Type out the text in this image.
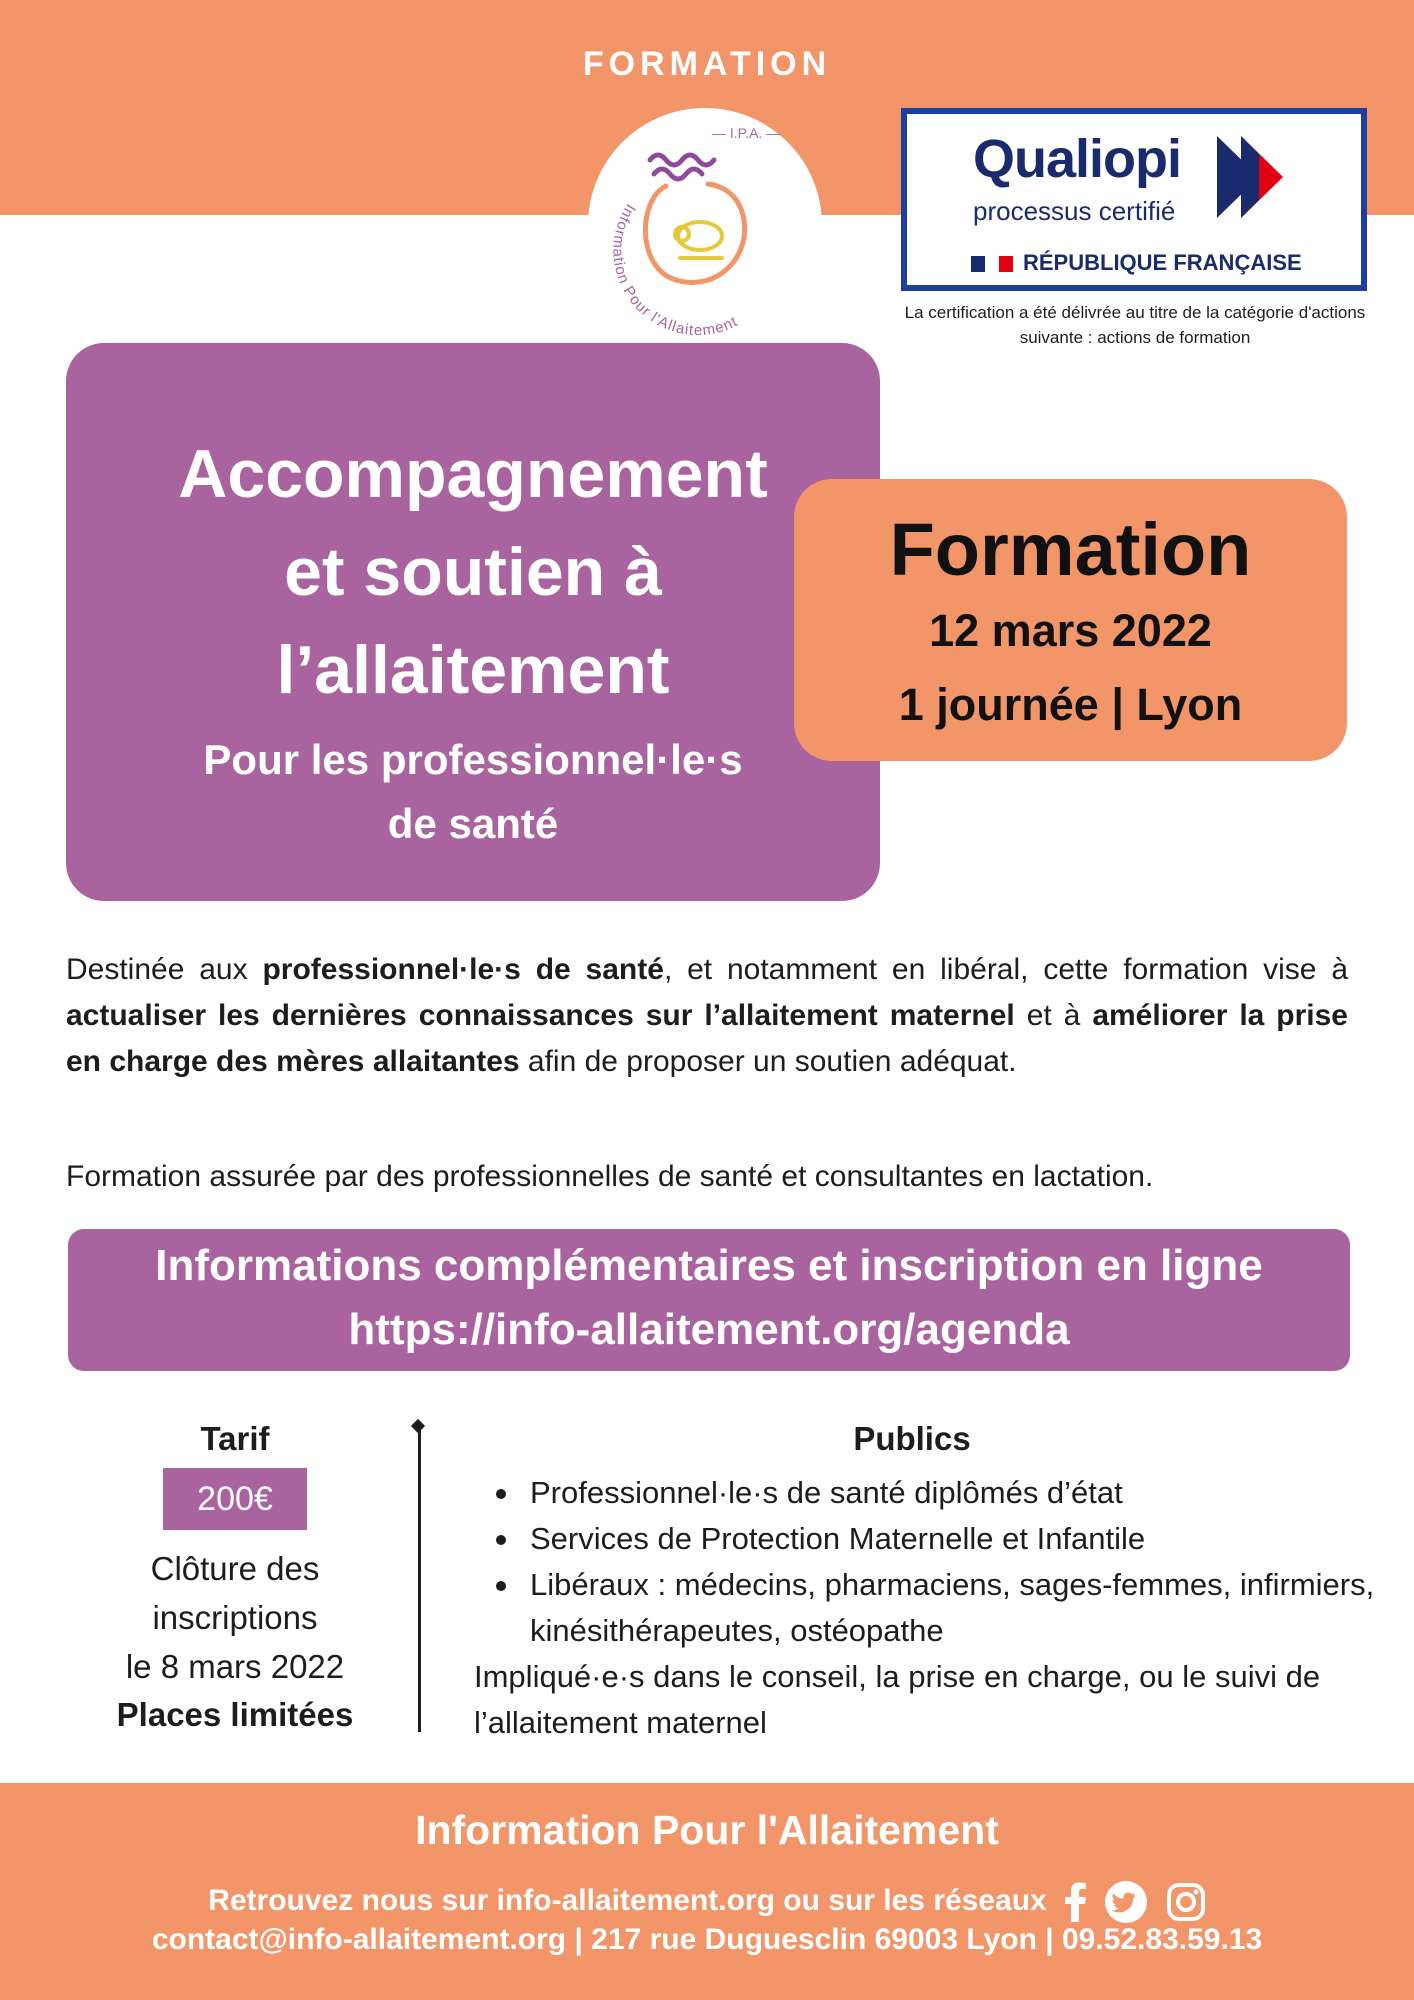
FORMATION
— I.P.A. —
Information Pour l'Allaitement
Qualiopi
processus certifié
RÉPUBLIQUE FRANÇAISE
La certification a été délivrée au titre de la catégorie d'actions suivante : actions de formation
Accompagnement
et soutien à
l’allaitement
Pour les professionnel·le·s
de santé
Formation
12 mars 2022
1 journée | Lyon
Destinée aux professionnel·le·s de santé, et notamment en libéral, cette formation vise à actualiser les dernières connaissances sur l’allaitement maternel et à améliorer la prise en charge des mères allaitantes afin de proposer un soutien adéquat.
Formation assurée par des professionnelles de santé et consultantes en lactation.
Informations complémentaires et inscription en ligne
https://info-allaitement.org/agenda
Tarif
200€
Clôture des
inscriptions
le 8 mars 2022
Places limitées
Publics
Professionnel·le·s de santé diplômés d’état
Services de Protection Maternelle et Infantile
Libéraux : médecins, pharmaciens, sages-femmes, infirmiers, kinésithérapeutes, ostéopathe
Impliqué·e·s dans le conseil, la prise en charge, ou le suivi de l’allaitement maternel
Information Pour l'Allaitement
Retrouvez nous sur info-allaitement.org ou sur les réseaux
contact@info-allaitement.org | 217 rue Duguesclin 69003 Lyon | 09.52.83.59.13
